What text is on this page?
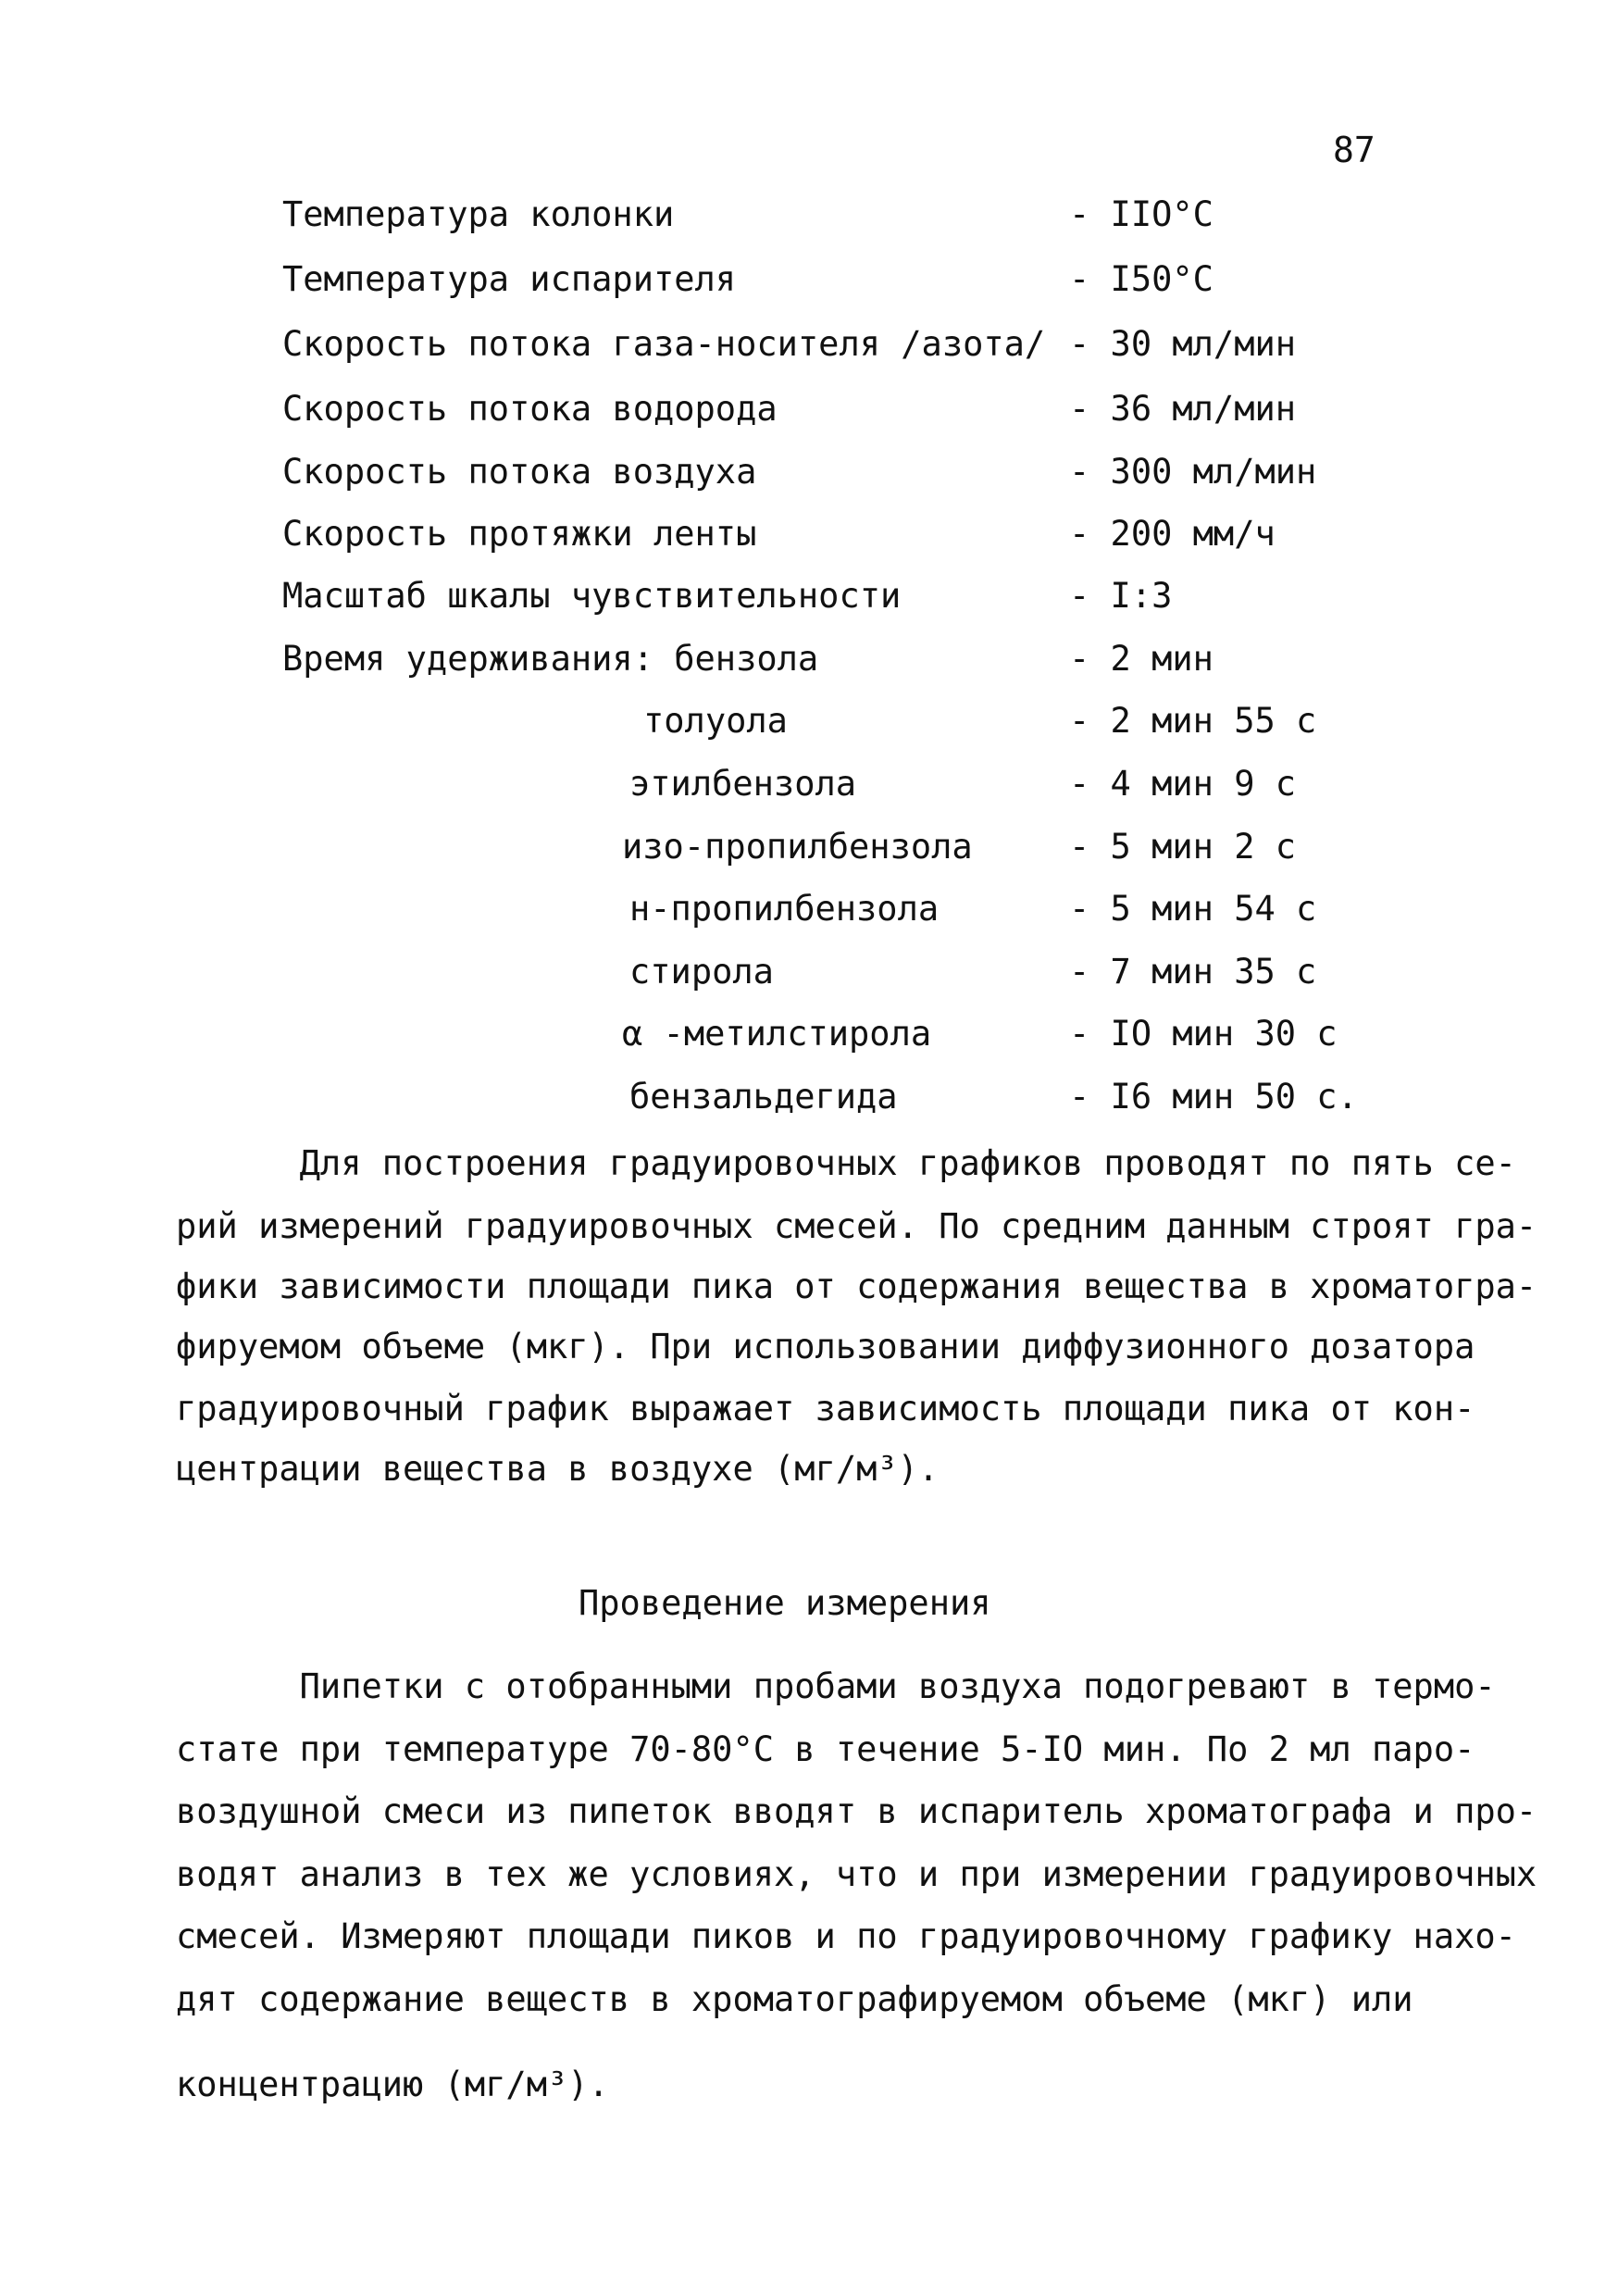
87
Температура колонки	- IIO°C
Температура испарителя	- I50°C
Скорость потока газа-носителя /азота/ - 30 мл/мин
Скорость потока водорода	- 36 мл/мин
Скорость потока воздуха	- 300 мл/мин
Скорость протяжки ленты	- 200 мм/ч
Масштаб шкалы чувствительности	- I:3
Время удерживания: бензола	- 2 мин
толуола	- 2 мин 55 с
этилбензола	- 4 мин 9 с
изо-пропилбензола	- 5 мин 2 с
н-пропилбензола	- 5 мин 54 с
стирола	- 7 мин 35 с
α -метилстирола	- IO мин 30 с
бензальдегида	- I6 мин 50 с.
Для построения градуировочных графиков проводят по пять се-
рий измерений градуировочных смесей. По средним данным строят гра-
фики зависимости площади пика от содержания вещества в хроматогра-
фируемом объеме (мкг). При использовании диффузионного дозатора
градуировочный график выражает зависимость площади пика от кон-
центрации вещества в воздухе (мг/м³).
Проведение измерения
Пипетки с отобранными пробами воздуха подогревают в термо-
стате при температуре 70-80°С в течение 5-IO мин. По 2 мл паро-
воздушной смеси из пипеток вводят в испаритель хроматографа и про-
водят анализ в тех же условиях, что и при измерении градуировочных
смесей. Измеряют площади пиков и по градуировочному графику нахо-
дят содержание веществ в хроматографируемом объеме (мкг) или
концентрацию (мг/м³).
